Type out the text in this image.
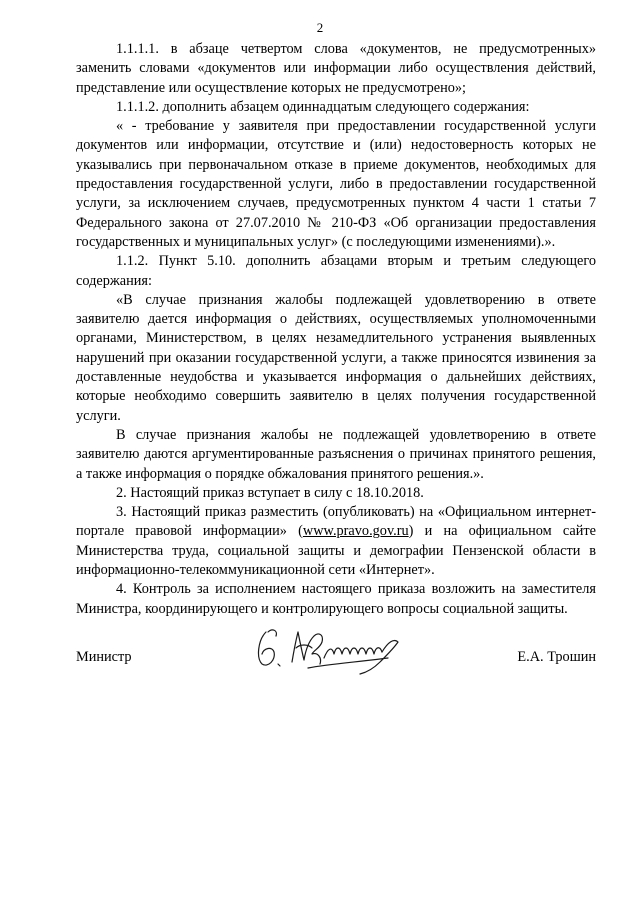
2

1.1.1.1. в абзаце четвертом слова «документов, не предусмотренных» заменить словами «документов или информации либо осуществления действий, представление или осуществление которых не предусмотрено»;

1.1.1.2. дополнить абзацем одиннадцатым следующего содержания:

« - требование у заявителя при предоставлении государственной услуги документов или информации, отсутствие и (или) недостоверность которых не указывались при первоначальном отказе в приеме документов, необходимых для предоставления государственной услуги, либо в предоставлении государственной услуги, за исключением случаев, предусмотренных пунктом 4 части 1 статьи 7 Федерального закона от 27.07.2010 № 210-ФЗ «Об организации предоставления государственных и муниципальных услуг» (с последующими изменениями).».

1.1.2. Пункт 5.10. дополнить абзацами вторым и третьим следующего содержания:

«В случае признания жалобы подлежащей удовлетворению в ответе заявителю дается информация о действиях, осуществляемых уполномоченными органами, Министерством, в целях незамедлительного устранения выявленных нарушений при оказании государственной услуги, а также приносятся извинения за доставленные неудобства и указывается информация о дальнейших действиях, которые необходимо совершить заявителю в целях получения государственной услуги.

В случае признания жалобы не подлежащей удовлетворению в ответе заявителю даются аргументированные разъяснения о причинах принятого решения, а также информация о порядке обжалования принятого решения.».

2. Настоящий приказ вступает в силу с 18.10.2018.

3. Настоящий приказ разместить (опубликовать) на «Официальном интернет-портале правовой информации» (www.pravo.gov.ru) и на официальном сайте Министерства труда, социальной защиты и демографии Пензенской области в информационно-телекоммуникационной сети «Интернет».

4. Контроль за исполнением настоящего приказа возложить на заместителя Министра, координирующего и контролирующего вопросы социальной защиты.

Министр	Е.А. Трошин
